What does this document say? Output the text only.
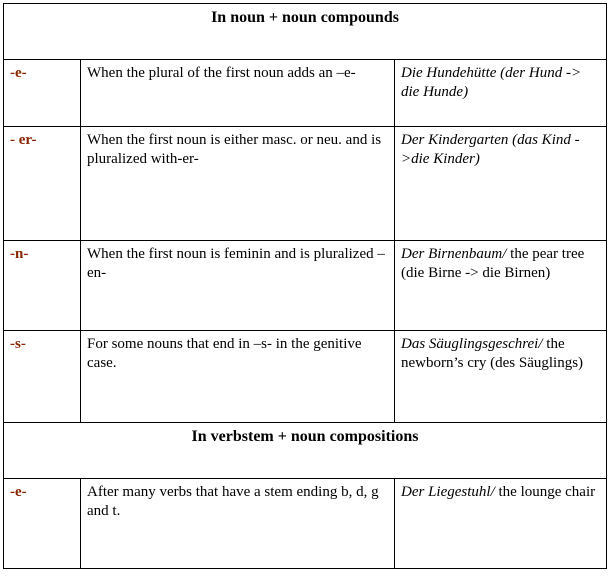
In noun + noun compounds		
-e-	When the plural of the first noun adds an –e-	Die Hundehütte (der Hund -> die Hunde)
- er-	When the first noun is either masc. or neu. and is pluralized with-er-	Der Kindergarten (das Kind ->die Kinder)
-n-	When the first noun is feminin and is pluralized –en-	Der Birnenbaum/ the pear tree (die Birne -> die Birnen)
-s-	For some nouns that end in –s- in the genitive case.	Das Säuglingsgeschrei/ the newborn’s cry (des Säuglings)
In verbstem + noun compositions		
-e-	After many verbs that have a stem ending b, d, g and t.	Der Liegestuhl/ the lounge chair
